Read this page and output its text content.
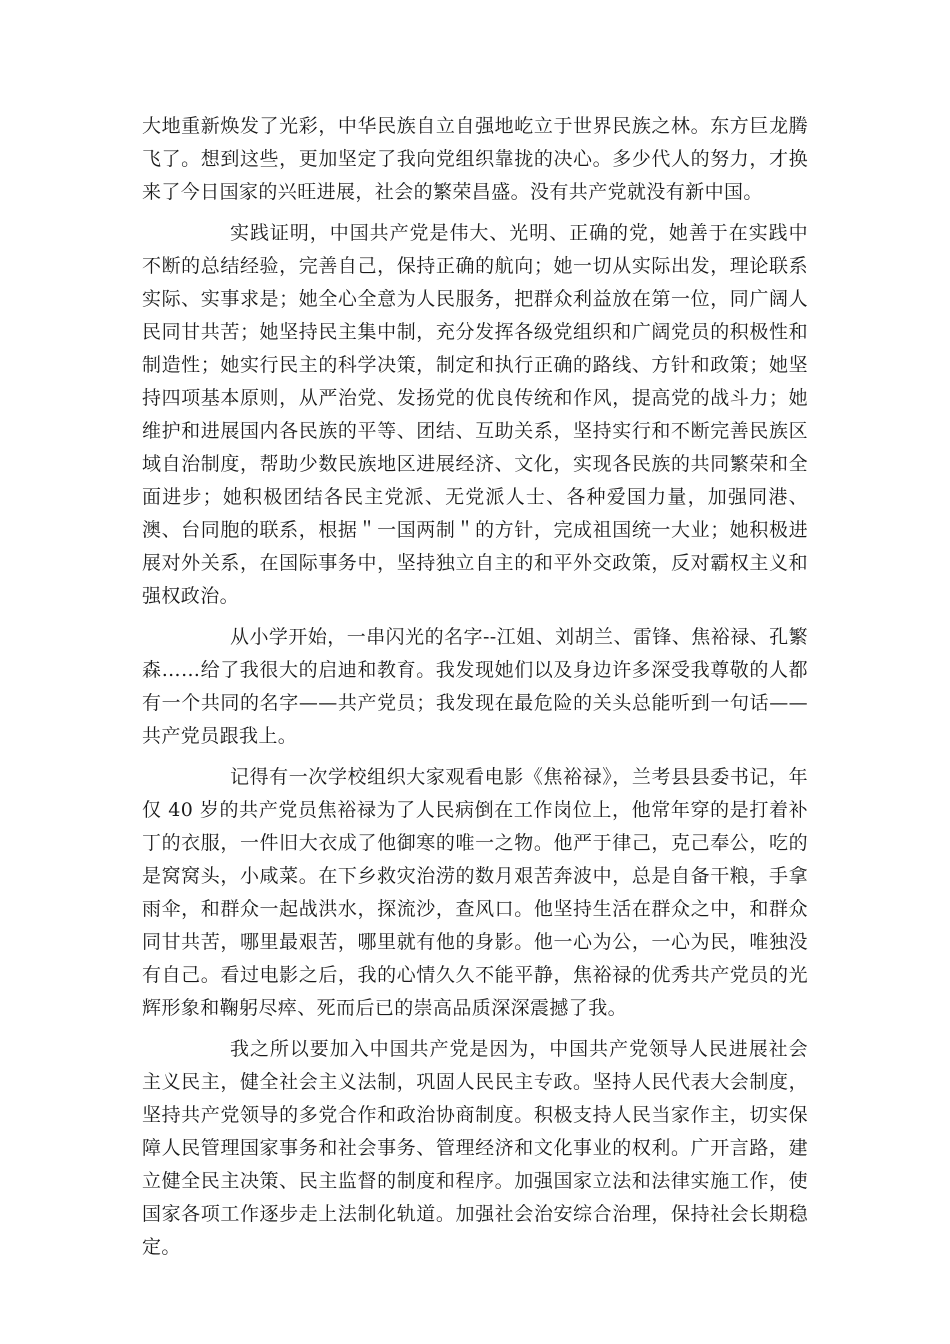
大地重新焕发了光彩，中华民族自立自强地屹立于世界民族之林。东方巨龙腾飞了。想到这些，更加坚定了我向党组织靠拢的决心。多少代人的努力，才换来了今日国家的兴旺进展，社会的繁荣昌盛。没有共产党就没有新中国。

实践证明，中国共产党是伟大、光明、正确的党，她善于在实践中不断的总结经验，完善自己，保持正确的航向；她一切从实际出发，理论联系实际、实事求是；她全心全意为人民服务，把群众利益放在第一位，同广阔人民同甘共苦；她坚持民主集中制，充分发挥各级党组织和广阔党员的积极性和制造性；她实行民主的科学决策，制定和执行正确的路线、方针和政策；她坚持四项基本原则，从严治党、发扬党的优良传统和作风，提高党的战斗力；她维护和进展国内各民族的平等、团结、互助关系，坚持实行和不断完善民族区域自治制度，帮助少数民族地区进展经济、文化，实现各民族的共同繁荣和全面进步；她积极团结各民主党派、无党派人士、各种爱国力量，加强同港、澳、台同胞的联系，根据＂一国两制＂的方针，完成祖国统一大业；她积极进展对外关系，在国际事务中，坚持独立自主的和平外交政策，反对霸权主义和强权政治。

从小学开始，一串闪光的名字--江姐、刘胡兰、雷锋、焦裕禄、孔繁森……给了我很大的启迪和教育。我发现她们以及身边许多深受我尊敬的人都有一个共同的名字——共产党员；我发现在最危险的关头总能听到一句话——共产党员跟我上。

记得有一次学校组织大家观看电影《焦裕禄》，兰考县县委书记，年仅 40 岁的共产党员焦裕禄为了人民病倒在工作岗位上，他常年穿的是打着补丁的衣服，一件旧大衣成了他御寒的唯一之物。他严于律己，克己奉公，吃的是窝窝头，小咸菜。在下乡救灾治涝的数月艰苦奔波中，总是自备干粮，手拿雨伞，和群众一起战洪水，探流沙，查风口。他坚持生活在群众之中，和群众同甘共苦，哪里最艰苦，哪里就有他的身影。他一心为公，一心为民，唯独没有自己。看过电影之后，我的心情久久不能平静，焦裕禄的优秀共产党员的光辉形象和鞠躬尽瘁、死而后已的崇高品质深深震撼了我。

我之所以要加入中国共产党是因为，中国共产党领导人民进展社会主义民主，健全社会主义法制，巩固人民民主专政。坚持人民代表大会制度，坚持共产党领导的多党合作和政治协商制度。积极支持人民当家作主，切实保障人民管理国家事务和社会事务、管理经济和文化事业的权利。广开言路，建立健全民主决策、民主监督的制度和程序。加强国家立法和法律实施工作，使国家各项工作逐步走上法制化轨道。加强社会治安综合治理，保持社会长期稳定。
